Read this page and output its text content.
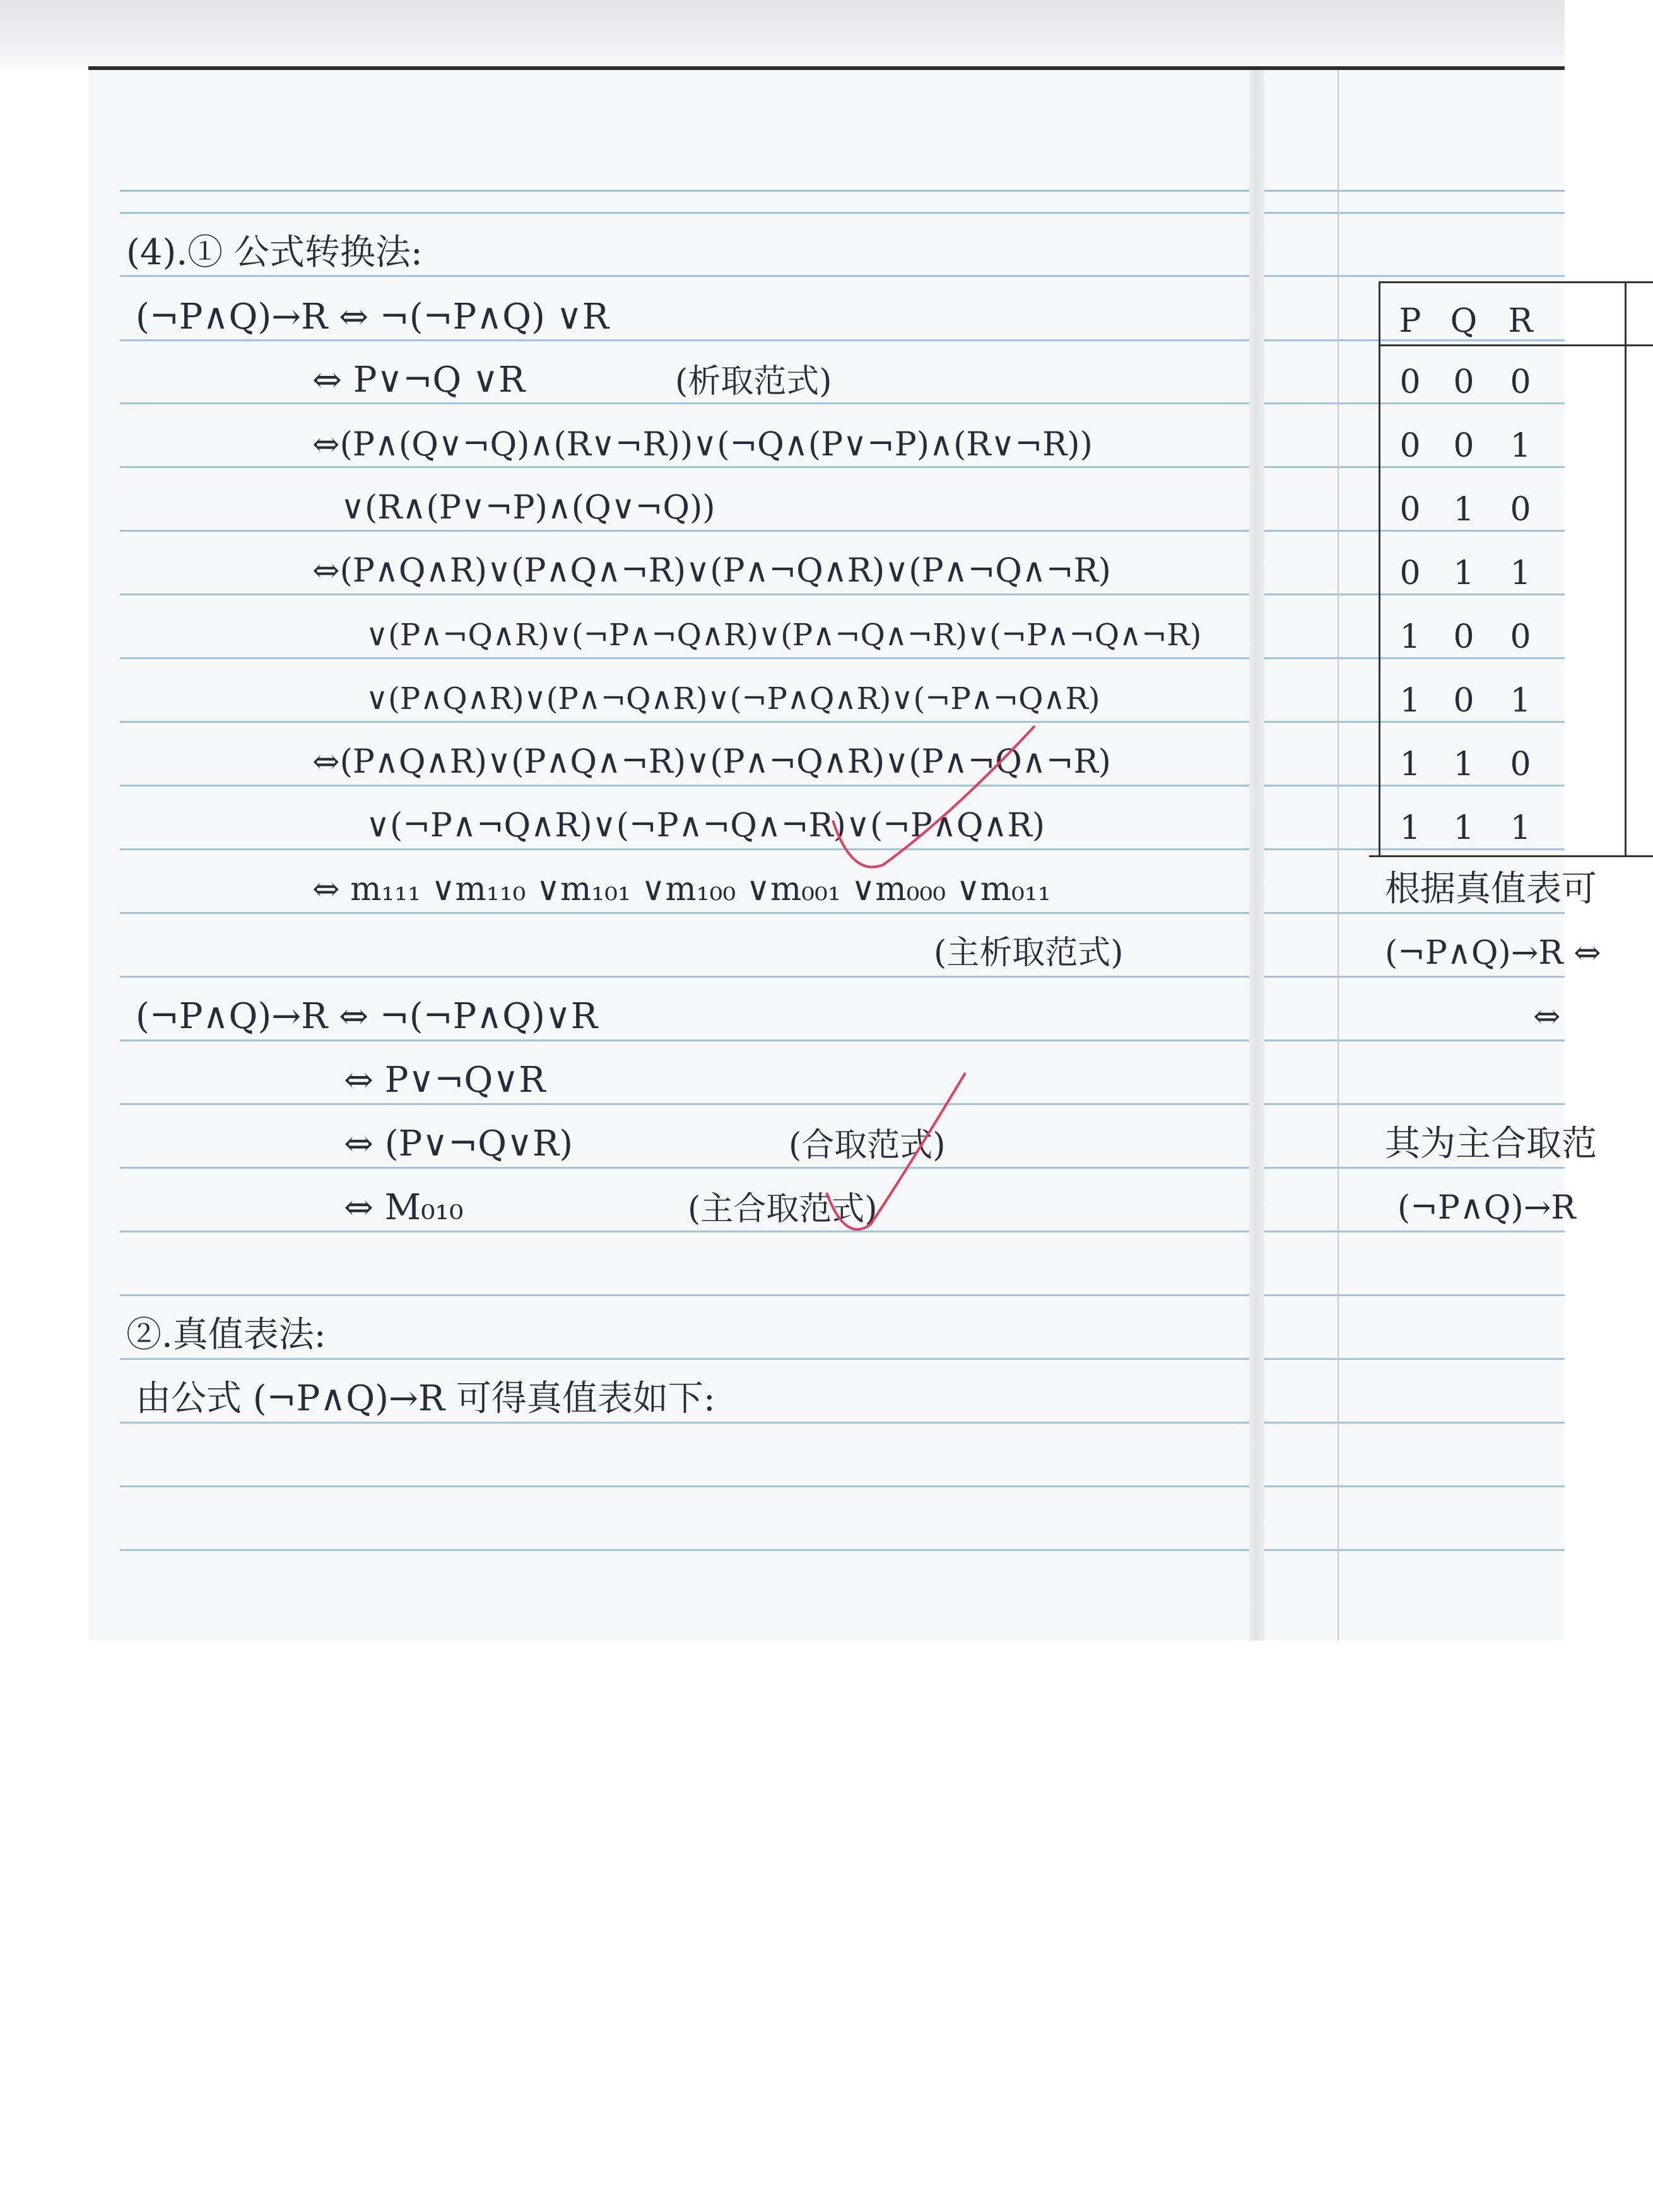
(4).① 公式转换法:
(¬P∧Q)→R ⇔ ¬(¬P∧Q) ∨R
⇔ P∨¬Q ∨R	(析取范式)
⇔(P∧(Q∨¬Q)∧(R∨¬R))∨(¬Q∧(P∨¬P)∧(R∨¬R))
∨(R∧(P∨¬P)∧(Q∨¬Q))
⇔(P∧Q∧R)∨(P∧Q∧¬R)∨(P∧¬Q∧R)∨(P∧¬Q∧¬R)
∨(P∧¬Q∧R)∨(¬P∧¬Q∧R)∨(P∧¬Q∧¬R)∨(¬P∧¬Q∧¬R)
∨(P∧Q∧R)∨(P∧¬Q∧R)∨(¬P∧Q∧R)∨(¬P∧¬Q∧R)
⇔(P∧Q∧R)∨(P∧Q∧¬R)∨(P∧¬Q∧R)∨(P∧¬Q∧¬R)
∨(¬P∧¬Q∧R)∨(¬P∧¬Q∧¬R)∨(¬P∧Q∧R)
⇔ m₁₁₁ ∨m₁₁₀ ∨m₁₀₁ ∨m₁₀₀ ∨m₀₀₁ ∨m₀₀₀ ∨m₀₁₁
(主析取范式)
(¬P∧Q)→R ⇔ ¬(¬P∧Q)∨R
⇔ P∨¬Q∨R
⇔ (P∨¬Q∨R)	(合取范式)
⇔ M₀₁₀	(主合取范式)
②.真值表法:
由公式 (¬P∧Q)→R 可得真值表如下:
P Q R
0 0 0
0 0 1
0 1 0
0 1 1
1 0 0
1 0 1
1 1 0
1 1 1
根据真值表可
(¬P∧Q)→R ⇔
⇔
其为主合取范
(¬P∧Q)→R
